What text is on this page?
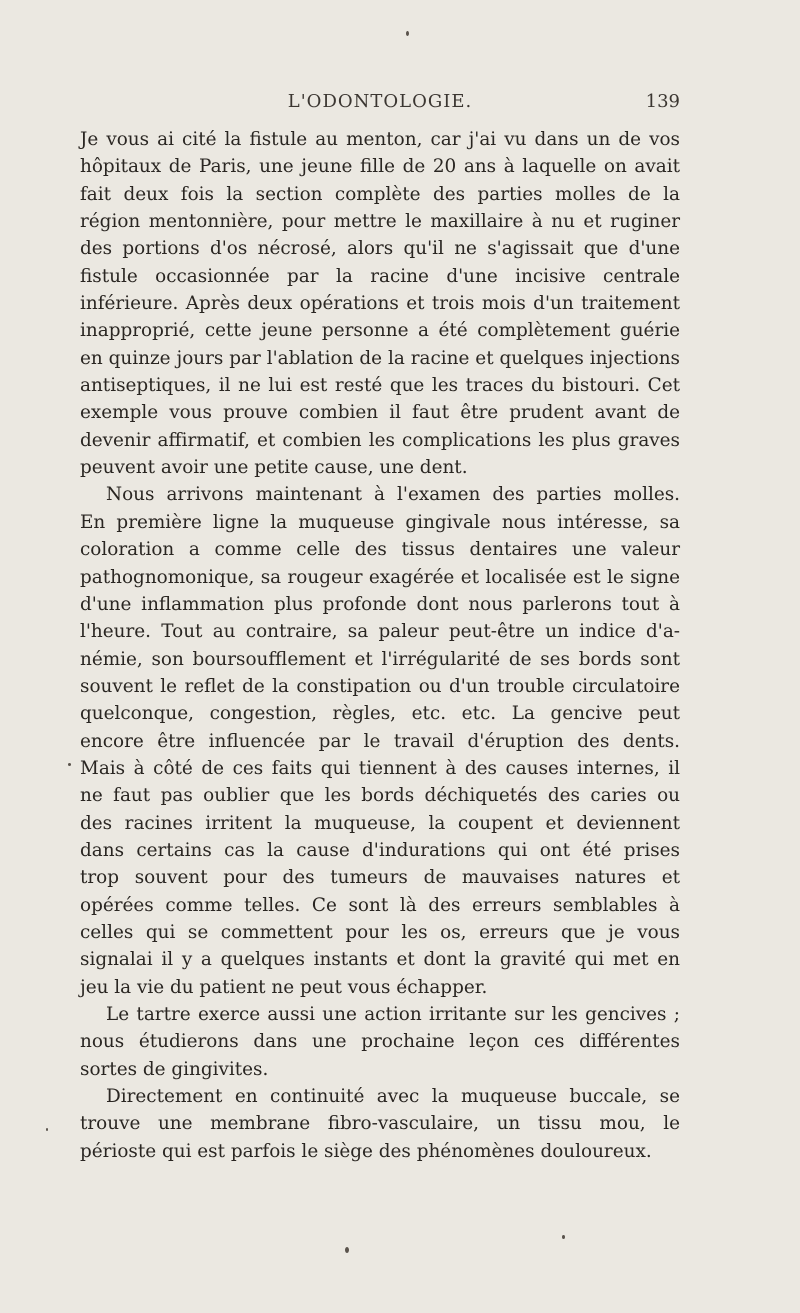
L'ODONTOLOGIE.	139
Je vous ai cité la fistule au menton, car j'ai vu dans un de vos
hôpitaux de Paris, une jeune fille de 20 ans à laquelle on avait
fait deux fois la section complète des parties molles de la
région mentonnière, pour mettre le maxillaire à nu et ruginer
des portions d'os nécrosé, alors qu'il ne s'agissait que d'une
fistule occasionnée par la racine d'une incisive centrale
inférieure. Après deux opérations et trois mois d'un traitement
inapproprié, cette jeune personne a été complètement guérie
en quinze jours par l'ablation de la racine et quelques injections
antiseptiques, il ne lui est resté que les traces du bistouri. Cet
exemple vous prouve combien il faut être prudent avant de
devenir affirmatif, et combien les complications les plus graves
peuvent avoir une petite cause, une dent.
Nous arrivons maintenant à l'examen des parties molles.
En première ligne la muqueuse gingivale nous intéresse, sa
coloration a comme celle des tissus dentaires une valeur
pathognomonique, sa rougeur exagérée et localisée est le signe
d'une inflammation plus profonde dont nous parlerons tout à
l'heure. Tout au contraire, sa paleur peut-être un indice d'a-
némie, son boursoufflement et l'irrégularité de ses bords sont
souvent le reflet de la constipation ou d'un trouble circulatoire
quelconque, congestion, règles, etc. etc. La gencive peut
encore être influencée par le travail d'éruption des dents.
Mais à côté de ces faits qui tiennent à des causes internes, il
ne faut pas oublier que les bords déchiquetés des caries ou
des racines irritent la muqueuse, la coupent et deviennent
dans certains cas la cause d'indurations qui ont été prises
trop souvent pour des tumeurs de mauvaises natures et
opérées comme telles. Ce sont là des erreurs semblables à
celles qui se commettent pour les os, erreurs que je vous
signalai il y a quelques instants et dont la gravité qui met en
jeu la vie du patient ne peut vous échapper.
Le tartre exerce aussi une action irritante sur les gencives ;
nous étudierons dans une prochaine leçon ces différentes
sortes de gingivites.
Directement en continuité avec la muqueuse buccale, se
trouve une membrane fibro-vasculaire, un tissu mou, le
périoste qui est parfois le siège des phénomènes douloureux.
